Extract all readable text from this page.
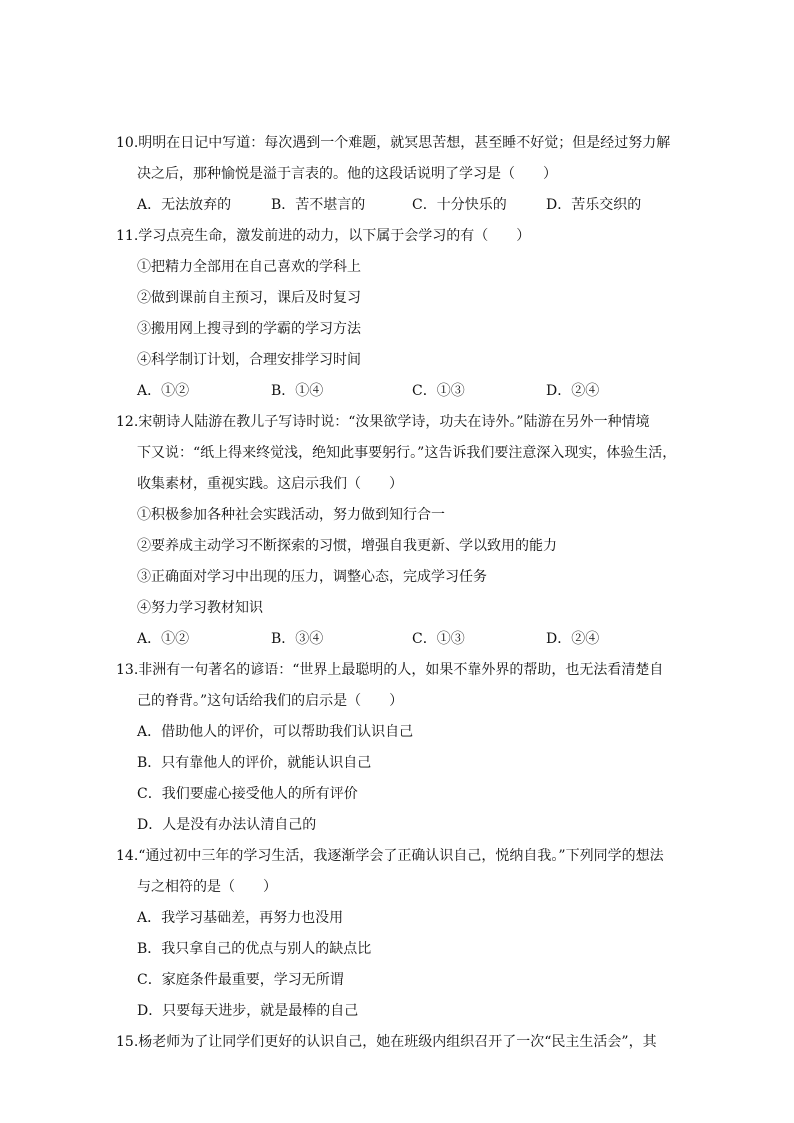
10.明明在日记中写道：每次遇到一个难题，就冥思苦想，甚至睡不好觉；但是经过努力解
决之后，那种愉悦是溢于言表的。他的这段话说明了学习是（　　）
A．无法放弃的	B．苦不堪言的	C．十分快乐的	D．苦乐交织的
11.学习点亮生命，激发前进的动力，以下属于会学习的有（　　）
①把精力全部用在自己喜欢的学科上
②做到课前自主预习，课后及时复习
③搬用网上搜寻到的学霸的学习方法
④科学制订计划，合理安排学习时间
A．①②	B．①④	C．①③	D．②④
12.宋朝诗人陆游在教儿子写诗时说：“汝果欲学诗，功夫在诗外。”陆游在另外一种情境
下又说：“纸上得来终觉浅，绝知此事要躬行。”这告诉我们要注意深入现实，体验生活，
收集素材，重视实践。这启示我们（　　）
①积极参加各种社会实践活动，努力做到知行合一
②要养成主动学习不断探索的习惯，增强自我更新、学以致用的能力
③正确面对学习中出现的压力，调整心态，完成学习任务
④努力学习教材知识
A．①②	B．③④	C．①③	D．②④
13.非洲有一句著名的谚语：“世界上最聪明的人，如果不靠外界的帮助，也无法看清楚自
己的脊背。”这句话给我们的启示是（　　）
A．借助他人的评价，可以帮助我们认识自己
B．只有靠他人的评价，就能认识自己
C．我们要虚心接受他人的所有评价
D．人是没有办法认清自己的
14.“通过初中三年的学习生活，我逐渐学会了正确认识自己，悦纳自我。”下列同学的想法
与之相符的是（　　）
A．我学习基础差，再努力也没用
B．我只拿自己的优点与别人的缺点比
C．家庭条件最重要，学习无所谓
D．只要每天进步，就是最棒的自己
15.杨老师为了让同学们更好的认识自己，她在班级内组织召开了一次“民主生活会”，其
